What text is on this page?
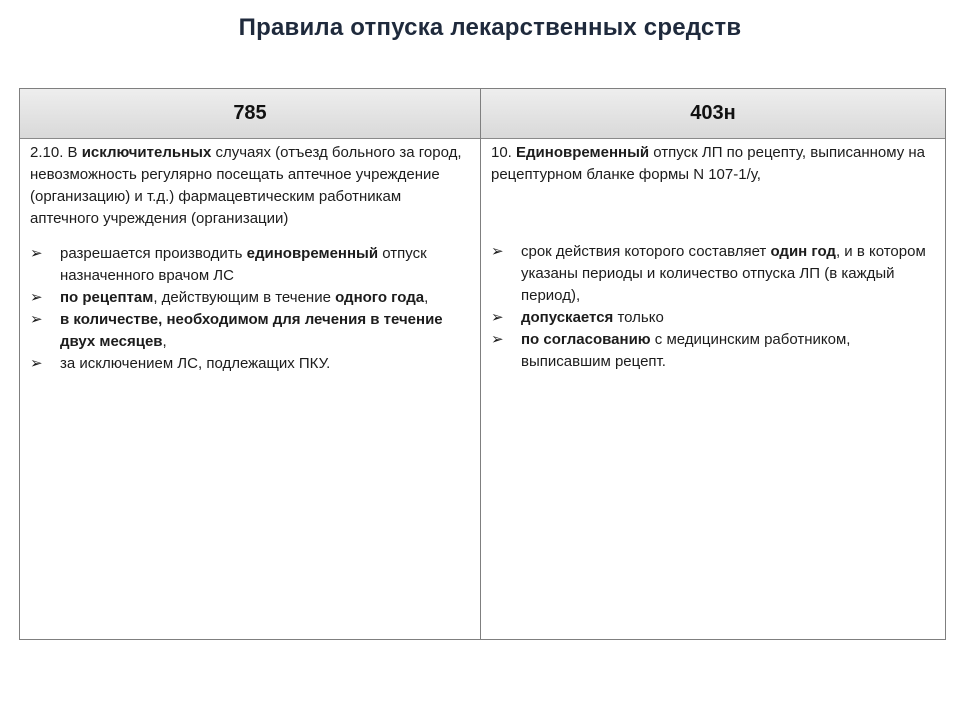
Правила отпуска лекарственных средств
785	403н

2.10. В исключительных случаях (отъезд больного за город, невозможность регулярно посещать аптечное учреждение (организацию) и т.д.) фармацевтическим работникам аптечного учреждения (организации)

➢ разрешается производить единовременный отпуск назначенного врачом ЛС
➢ по рецептам, действующим в течение одного года,
➢ в количестве, необходимом для лечения в течение двух месяцев,
➢ за исключением ЛС, подлежащих ПКУ.

10. Единовременный отпуск ЛП по рецепту, выписанному на рецептурном бланке формы N 107-1/у,

➢ срок действия которого составляет один год, и в котором указаны периоды и количество отпуска ЛП (в каждый период),
➢ допускается только
➢ по согласованию с медицинским работником, выписавшим рецепт.
